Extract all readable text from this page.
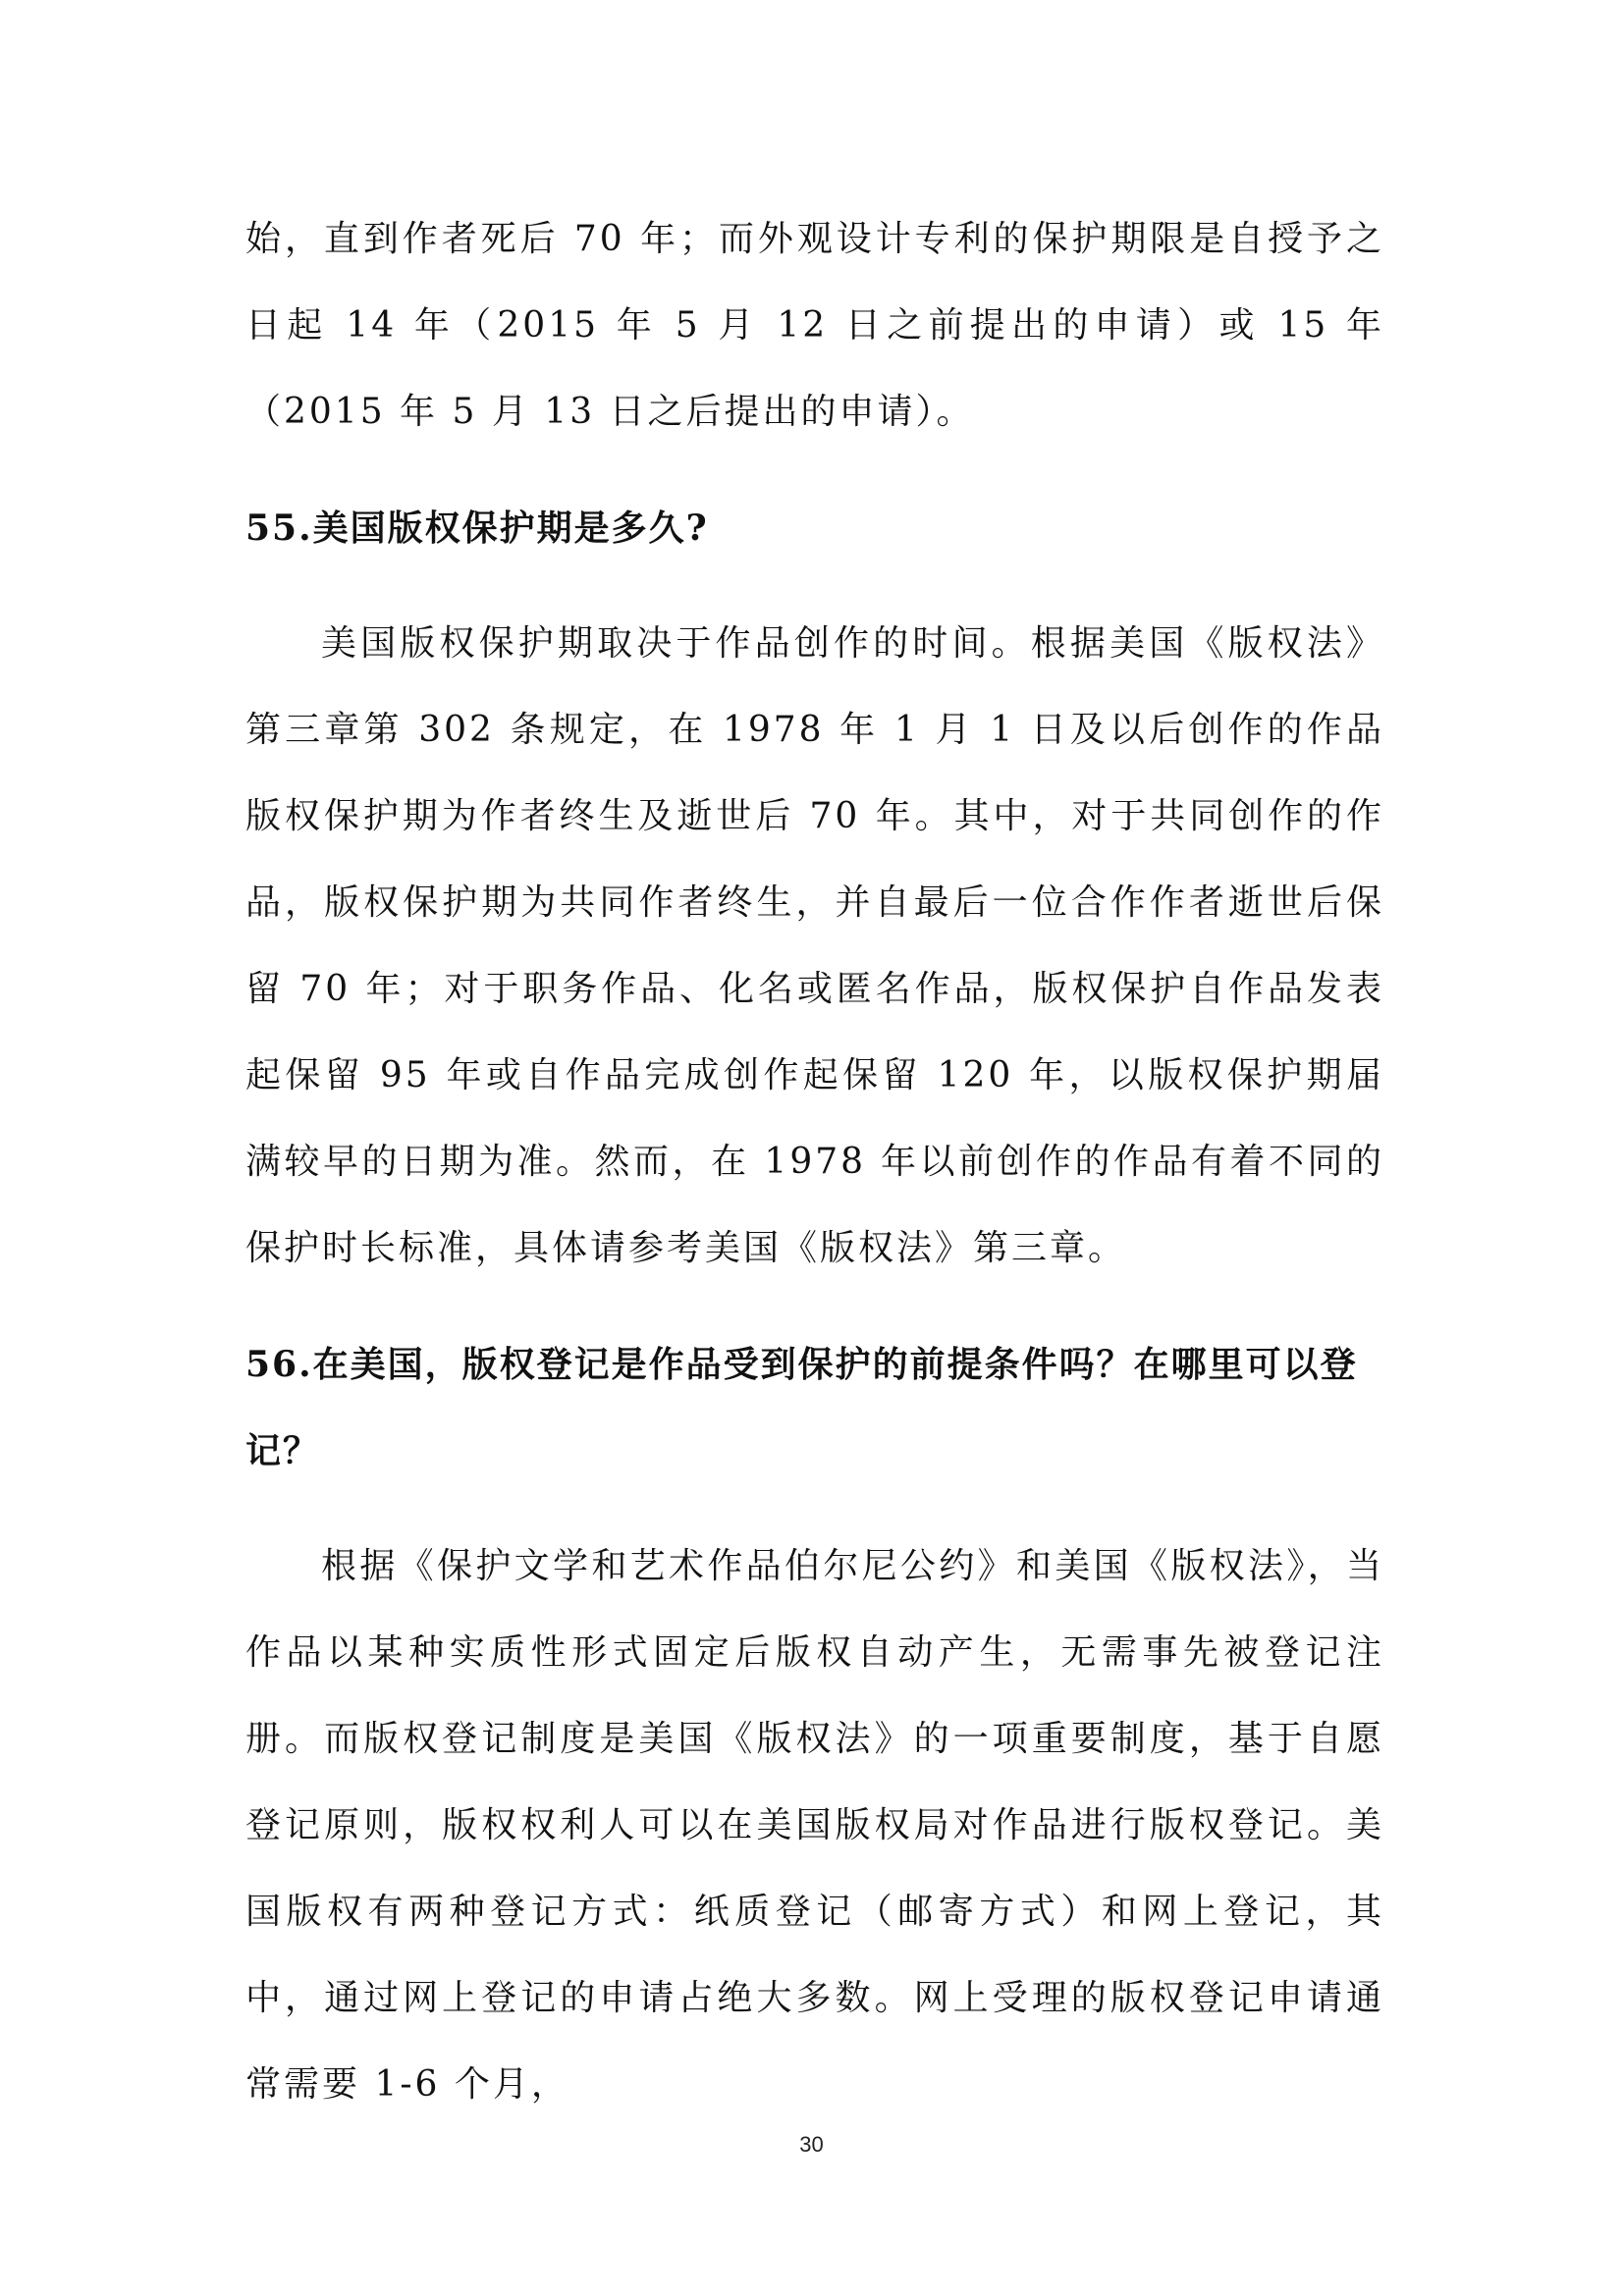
始，直到作者死后 70 年；而外观设计专利的保护期限是自授予之日起 14 年（2015 年 5 月 12 日之前提出的申请）或 15 年（2015 年 5 月 13 日之后提出的申请）。

55.美国版权保护期是多久?

美国版权保护期取决于作品创作的时间。根据美国《版权法》第三章第 302 条规定，在 1978 年 1 月 1 日及以后创作的作品版权保护期为作者终生及逝世后 70 年。其中，对于共同创作的作品，版权保护期为共同作者终生，并自最后一位合作作者逝世后保留 70 年；对于职务作品、化名或匿名作品，版权保护自作品发表起保留 95 年或自作品完成创作起保留 120 年，以版权保护期届满较早的日期为准。然而，在 1978 年以前创作的作品有着不同的保护时长标准，具体请参考美国《版权法》第三章。

56.在美国，版权登记是作品受到保护的前提条件吗？在哪里可以登记？

根据《保护文学和艺术作品伯尔尼公约》和美国《版权法》，当作品以某种实质性形式固定后版权自动产生，无需事先被登记注册。而版权登记制度是美国《版权法》的一项重要制度，基于自愿登记原则，版权权利人可以在美国版权局对作品进行版权登记。美国版权有两种登记方式：纸质登记（邮寄方式）和网上登记，其中，通过网上登记的申请占绝大多数。网上受理的版权登记申请通常需要 1-6 个月，

30
